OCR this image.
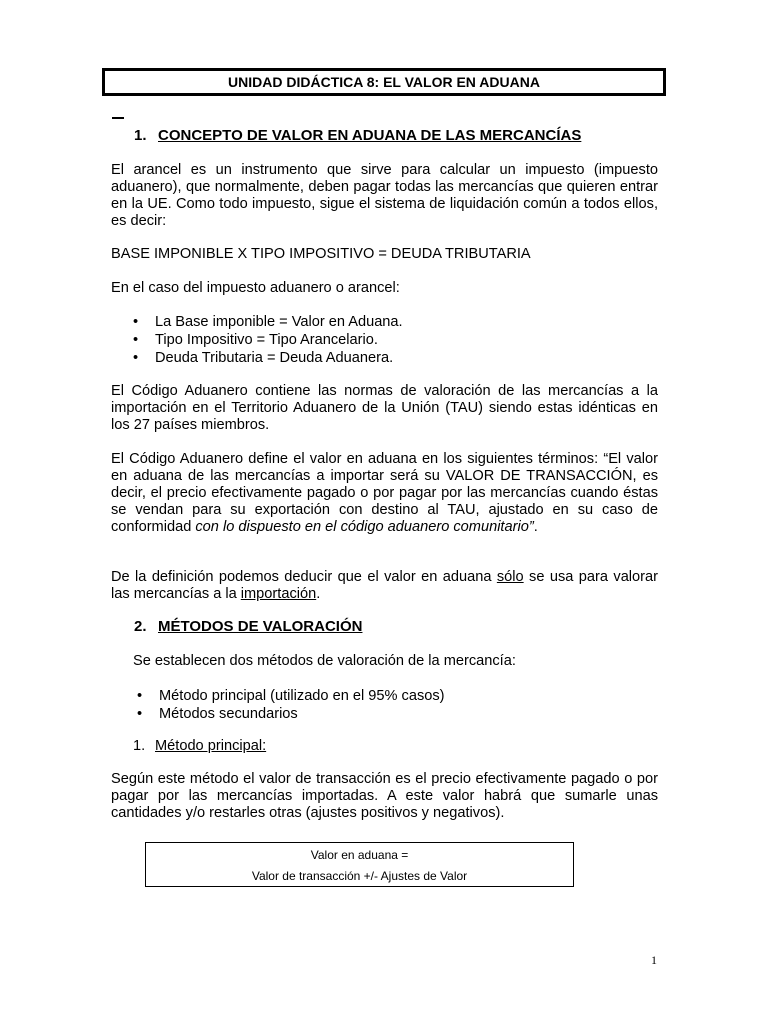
UNIDAD DIDÁCTICA 8: EL VALOR EN ADUANA
1. CONCEPTO DE VALOR EN ADUANA DE LAS MERCANCÍAS
El arancel es un instrumento que sirve para calcular un impuesto (impuesto aduanero), que normalmente, deben pagar todas las mercancías que quieren entrar en la UE. Como todo impuesto, sigue el sistema de liquidación común a todos ellos, es decir:
BASE IMPONIBLE X TIPO IMPOSITIVO = DEUDA TRIBUTARIA
En el caso del impuesto aduanero o arancel:
• La Base imponible = Valor en Aduana.
• Tipo Impositivo = Tipo Arancelario.
• Deuda Tributaria = Deuda Aduanera.
El Código Aduanero contiene las normas de valoración de las mercancías a la importación en el Territorio Aduanero de la Unión (TAU) siendo estas idénticas en los 27 países miembros.
El Código Aduanero define el valor en aduana en los siguientes términos: “El valor en aduana de las mercancías a importar será su VALOR DE TRANSACCIÓN, es decir, el precio efectivamente pagado o por pagar por las mercancías cuando éstas se vendan para su exportación con destino al TAU, ajustado en su caso de conformidad con lo dispuesto en el código aduanero comunitario”.
De la definición podemos deducir que el valor en aduana sólo se usa para valorar las mercancías a la importación.
2. MÉTODOS DE VALORACIÓN
Se establecen dos métodos de valoración de la mercancía:
• Método principal (utilizado en el 95% casos)
• Métodos secundarios
1. Método principal:
Según este método el valor de transacción es el precio efectivamente pagado o por pagar por las mercancías importadas. A este valor habrá que sumarle unas cantidades y/o restarles otras (ajustes positivos y negativos).
Valor en aduana =
Valor de transacción +/- Ajustes de Valor
1
